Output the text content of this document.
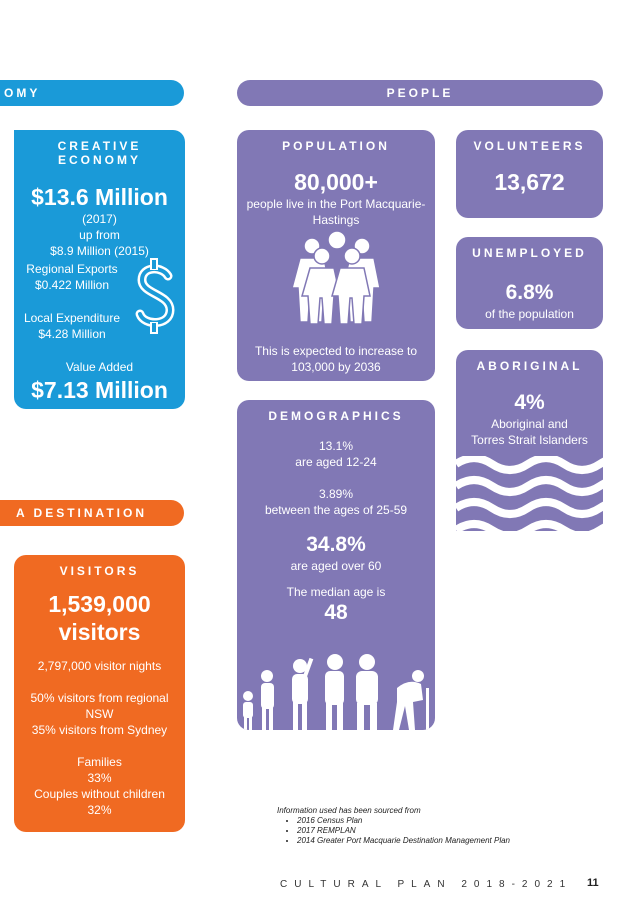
OMY	PEOPLE
A DESTINATION
CREATIVE ECONOMY
$13.6 Million
(2017)
up from
$8.9 Million (2015)
Regional Exports
$0.422 Million
Local Expenditure
$4.28 Million
Value Added
$7.13 Million
POPULATION
80,000+
people live in the Port Macquarie-
Hastings
This is expected to increase to
103,000 by 2036
VOLUNTEERS
13,672
UNEMPLOYED
6.8%
of the population
ABORIGINAL
4%
Aboriginal and
Torres Strait Islanders
DEMOGRAPHICS
13.1%
are aged 12-24
3.89%
between the ages of 25-59
34.8%
are aged over 60
The median age is
48
VISITORS
1,539,000
visitors
2,797,000 visitor nights
50% visitors from regional
NSW
35% visitors from Sydney
Families
33%
Couples without children
32%	Information used has been sourced from
• 2016 Census Plan
• 2017 REMPLAN
• 2014 Greater Port Macquarie Destination Management Plan
CULTURAL PLAN 2018-2021 11
